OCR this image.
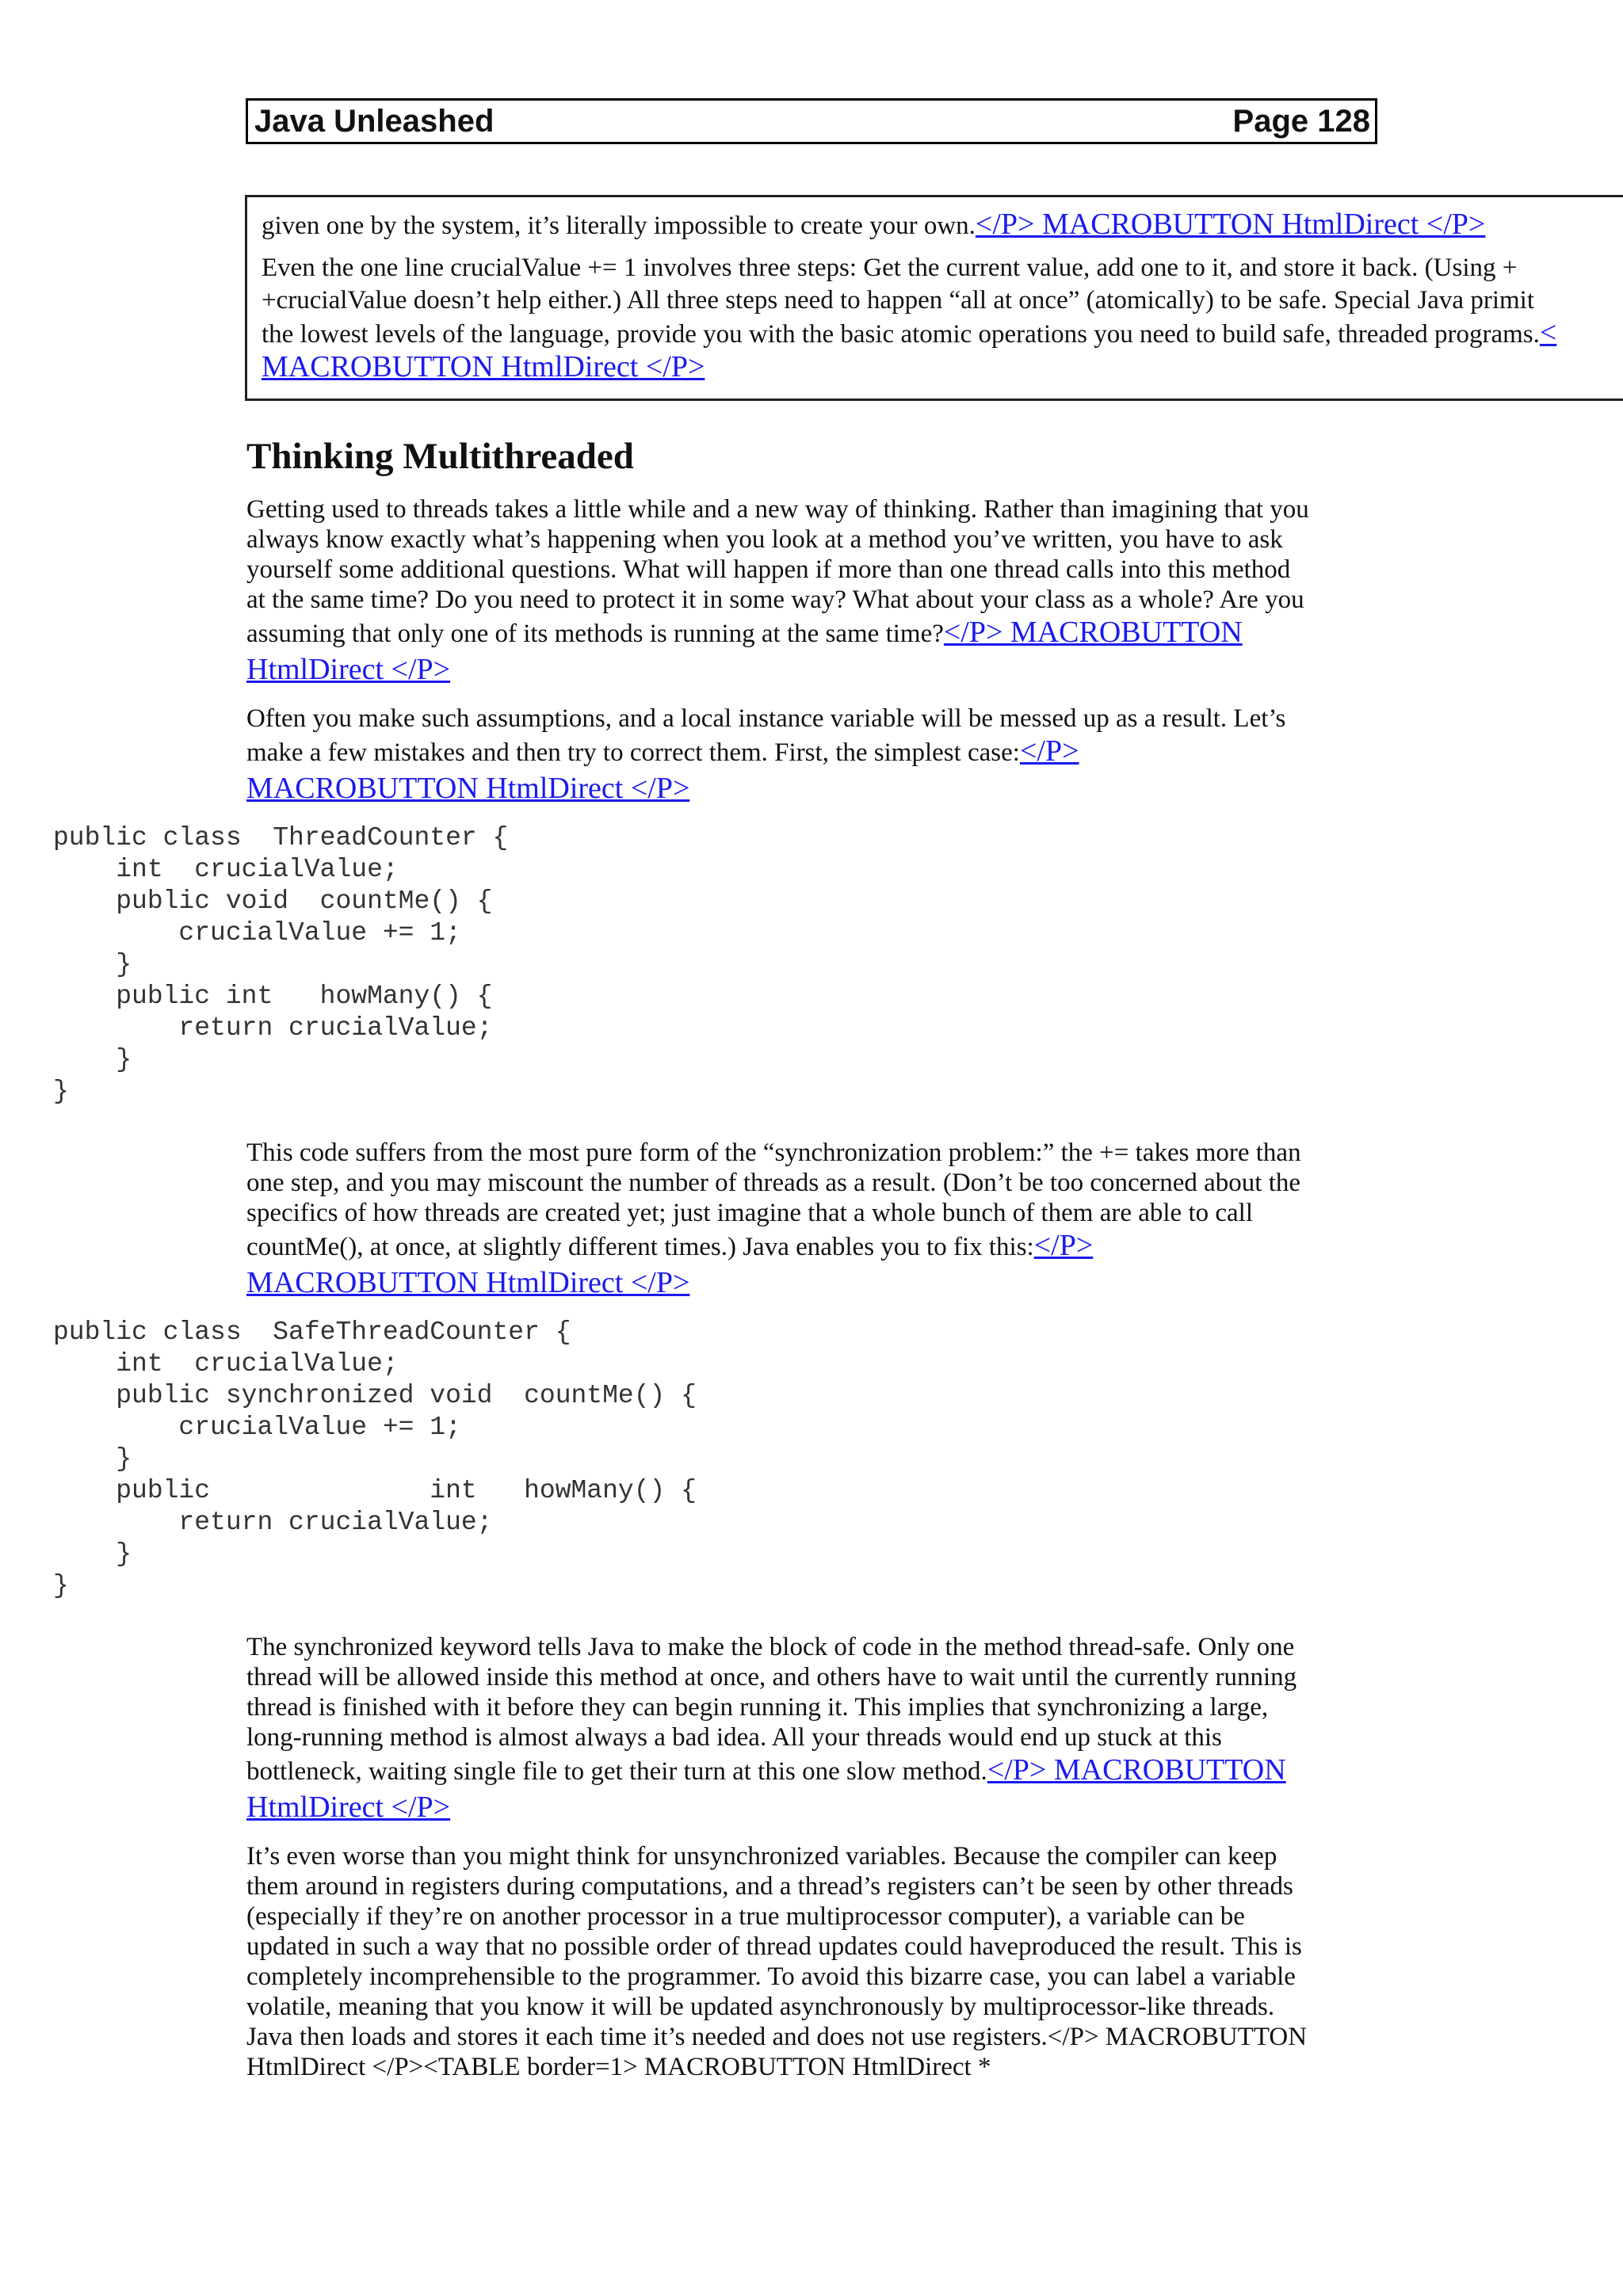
Java Unleashed	Page 128

given one by the system, it’s literally impossible to create your own.</P> MACROBUTTON HtmlDirect </P>

Even the one line crucialValue += 1 involves three steps: Get the current value, add one to it, and store it back. (Using +
+crucialValue doesn’t help either.) All three steps need to happen “all at once” (atomically) to be safe. Special Java primit
the lowest levels of the language, provide you with the basic atomic operations you need to build safe, threaded programs.<
MACROBUTTON HtmlDirect </P>

Thinking Multithreaded
Getting used to threads takes a little while and a new way of thinking. Rather than imagining that you
always know exactly what’s happening when you look at a method you’ve written, you have to ask
yourself some additional questions. What will happen if more than one thread calls into this method
at the same time? Do you need to protect it in some way? What about your class as a whole? Are you
assuming that only one of its methods is running at the same time?</P> MACROBUTTON
HtmlDirect </P>
Often you make such assumptions, and a local instance variable will be messed up as a result. Let’s
make a few mistakes and then try to correct them. First, the simplest case:</P>
MACROBUTTON HtmlDirect </P>
public class  ThreadCounter {
int  crucialValue;
public void  countMe() {
crucialValue += 1;
}
public int   howMany() {
return crucialValue;
}
}
This code suffers from the most pure form of the “synchronization problem:” the += takes more than
one step, and you may miscount the number of threads as a result. (Don’t be too concerned about the
specifics of how threads are created yet; just imagine that a whole bunch of them are able to call
countMe(), at once, at slightly different times.) Java enables you to fix this:</P>
MACROBUTTON HtmlDirect </P>
public class  SafeThreadCounter {
int  crucialValue;
public synchronized void  countMe() {
crucialValue += 1;
}
public              int   howMany() {
return crucialValue;
}
}
The synchronized keyword tells Java to make the block of code in the method thread-safe. Only one
thread will be allowed inside this method at once, and others have to wait until the currently running
thread is finished with it before they can begin running it. This implies that synchronizing a large,
long-running method is almost always a bad idea. All your threads would end up stuck at this
bottleneck, waiting single file to get their turn at this one slow method.</P> MACROBUTTON
HtmlDirect </P>
It’s even worse than you might think for unsynchronized variables. Because the compiler can keep
them around in registers during computations, and a thread’s registers can’t be seen by other threads
(especially if they’re on another processor in a true multiprocessor computer), a variable can be
updated in such a way that no possible order of thread updates could haveproduced the result. This is
completely incomprehensible to the programmer. To avoid this bizarre case, you can label a variable
volatile, meaning that you know it will be updated asynchronously by multiprocessor-like threads.
Java then loads and stores it each time it’s needed and does not use registers.</P> MACROBUTTON
HtmlDirect </P><TABLE border=1> MACROBUTTON HtmlDirect *
